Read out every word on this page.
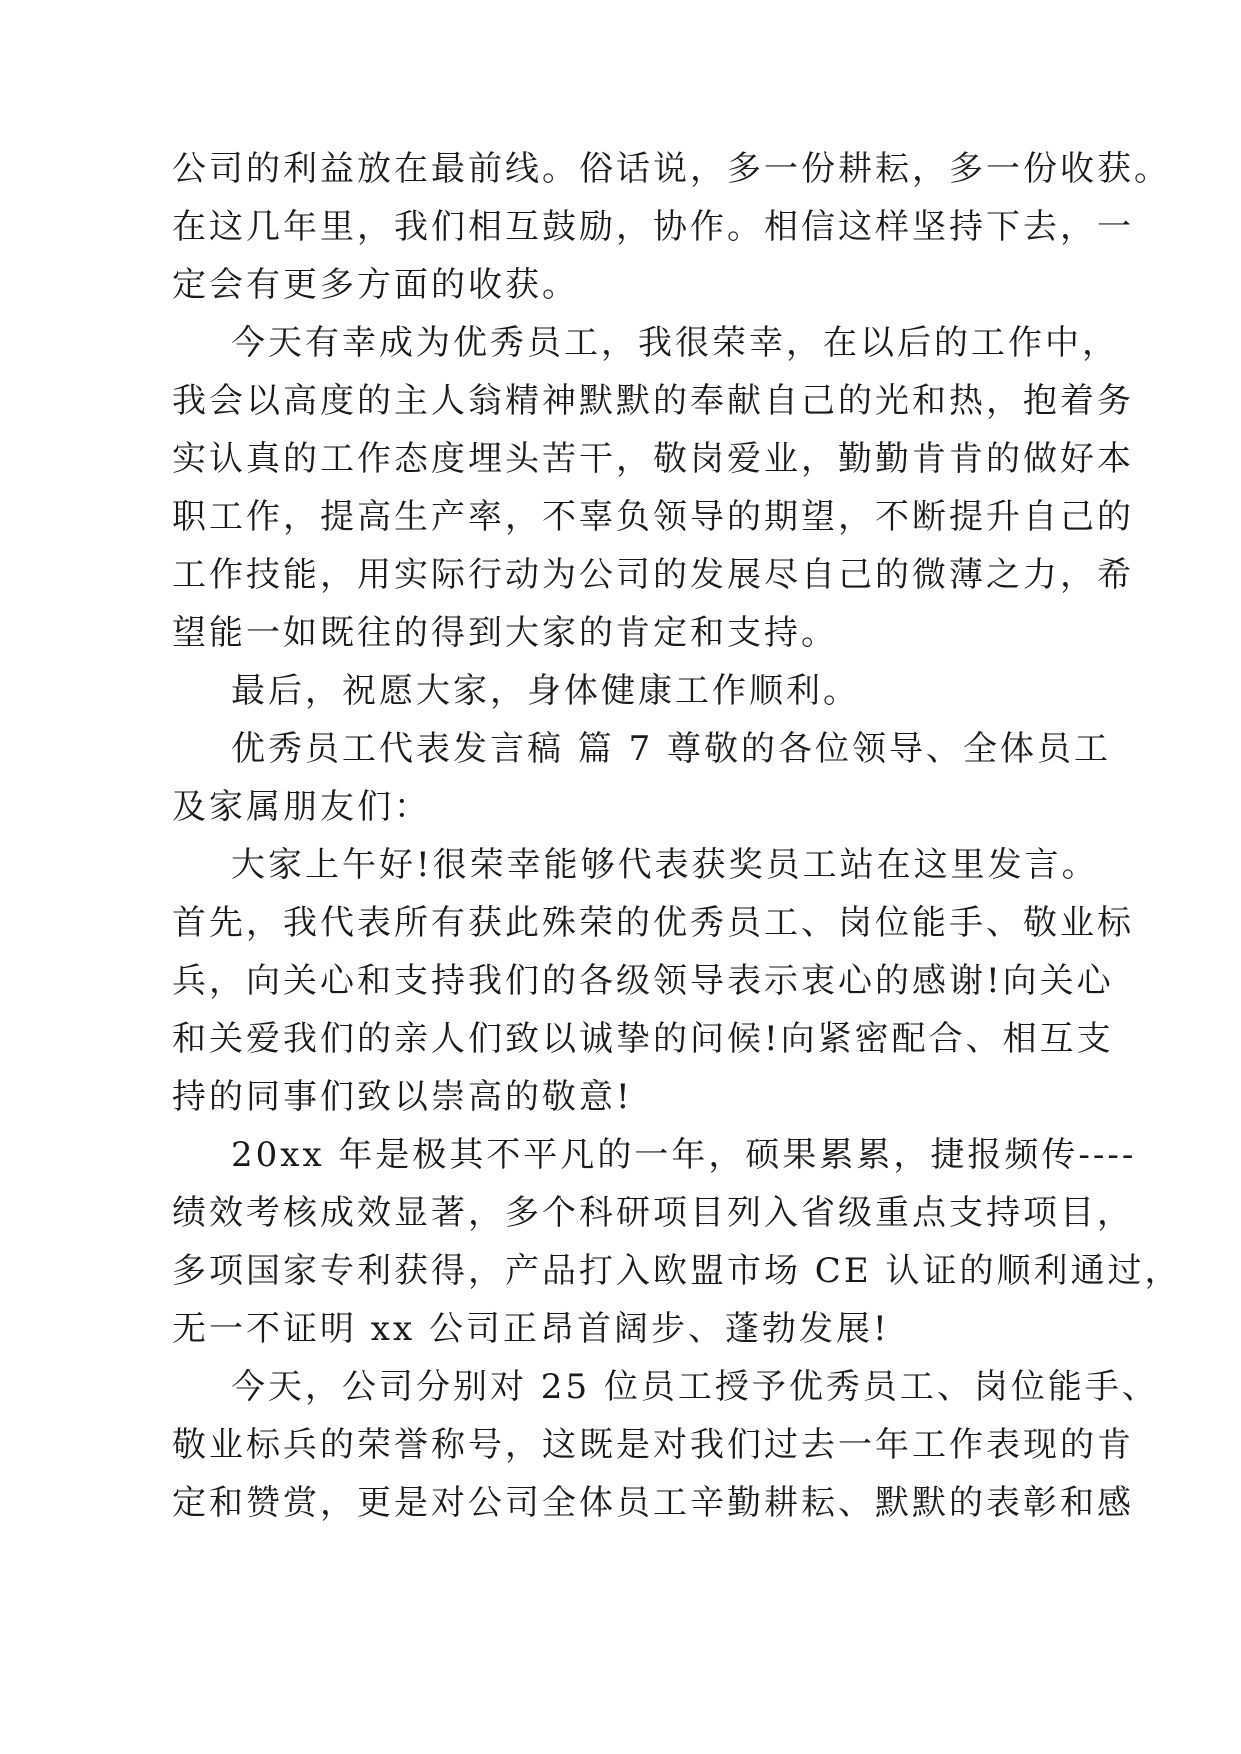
公司的利益放在最前线。俗话说，多一份耕耘，多一份收获。
在这几年里，我们相互鼓励，协作。相信这样坚持下去，一
定会有更多方面的收获。
今天有幸成为优秀员工，我很荣幸，在以后的工作中，
我会以高度的主人翁精神默默的奉献自己的光和热，抱着务
实认真的工作态度埋头苦干，敬岗爱业，勤勤肯肯的做好本
职工作，提高生产率，不辜负领导的期望，不断提升自己的
工作技能，用实际行动为公司的发展尽自己的微薄之力，希
望能一如既往的得到大家的肯定和支持。
最后，祝愿大家，身体健康工作顺利。
优秀员工代表发言稿 篇 7 尊敬的各位领导、全体员工
及家属朋友们：
大家上午好!很荣幸能够代表获奖员工站在这里发言。
首先，我代表所有获此殊荣的优秀员工、岗位能手、敬业标
兵，向关心和支持我们的各级领导表示衷心的感谢!向关心
和关爱我们的亲人们致以诚挚的问候!向紧密配合、相互支
持的同事们致以崇高的敬意!
20xx 年是极其不平凡的一年，硕果累累，捷报频传----
绩效考核成效显著，多个科研项目列入省级重点支持项目，
多项国家专利获得，产品打入欧盟市场 CE 认证的顺利通过，
无一不证明 xx 公司正昂首阔步、蓬勃发展!
今天，公司分别对 25 位员工授予优秀员工、岗位能手、
敬业标兵的荣誉称号，这既是对我们过去一年工作表现的肯
定和赞赏，更是对公司全体员工辛勤耕耘、默默的表彰和感
